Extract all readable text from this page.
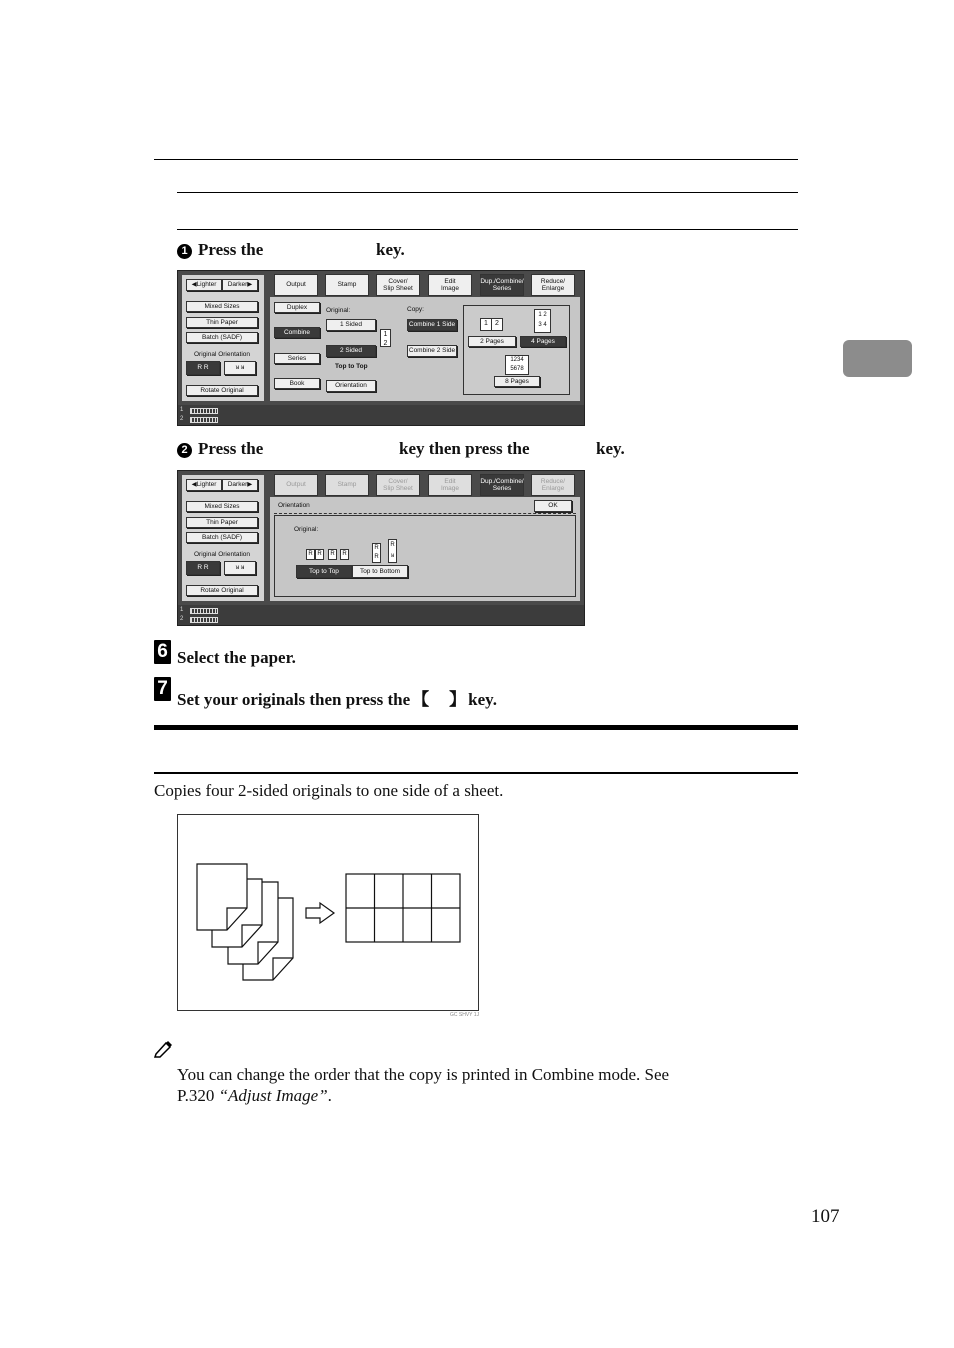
1 Press the	key.
◀ Lighter Darker ▶
Mixed Sizes
Thin Paper
Batch (SADF)
Original Orientation
R R	ᴚ ᴚ
Rotate Original
Output	Stamp
Cover/
Slip Sheet
Edit
Image
Dup./Combine/
Series
Reduce/
Enlarge
Duplex
Combine
Series
Book
Original:
1 Sided
2 Sided
1
2
Top to Top
Orientation
Copy:
Combine 1 Side
Combine 2 Side
1	2
1 2
3 4
2 Pages	4 Pages
1234
5678
8 Pages
1
2
2 Press the	key then press the	key.
◀ Lighter Darker ▶
Mixed Sizes
Thin Paper
Batch (SADF)
Original Orientation
R R	ᴚ ᴚ
Rotate Original
Output	Stamp
Cover/
Slip Sheet
Edit
Image
Dup./Combine/
Series
Reduce/
Enlarge
Orientation	OK
Original:
R R	R	R
R
R
R
ᴚ
Top to Top	Top to Bottom
1
2
6 Select the paper.
7
Set your originals then press the 【 】 key.
Copies four 2-sided originals to one side of a sheet.
GC SHVY 1J
You can change the order that the copy is printed in Combine mode. See
P.320 “Adjust Image”.
107
